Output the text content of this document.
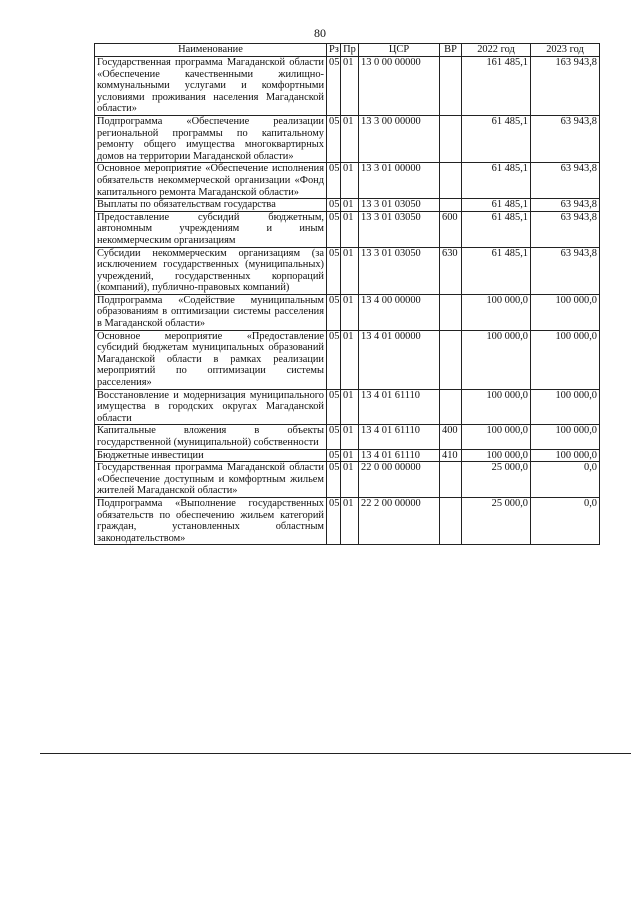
80
Наименование	Рз	Пр	ЦСР	ВР	2022 год	2023 год
Государственная программа Магаданской области «Обеспечение качественными жилищно-коммунальными услугами и комфортными условиями проживания населения Магаданской области»	05	01	13 0 00 00000		161 485,1	163 943,8
Подпрограмма «Обеспечение реализации региональной программы по капитальному ремонту общего имущества многоквартирных домов на территории Магаданской области»	05	01	13 3 00 00000		61 485,1	63 943,8
Основное мероприятие «Обеспечение исполнения обязательств некоммерческой организации «Фонд капитального ремонта Магаданской области»	05	01	13 3 01 00000		61 485,1	63 943,8
Выплаты по обязательствам государства	05	01	13 3 01 03050		61 485,1	63 943,8
Предоставление субсидий бюджетным, автономным учреждениям и иным некоммерческим организациям	05	01	13 3 01 03050	600	61 485,1	63 943,8
Субсидии некоммерческим организациям (за исключением государственных (муниципальных) учреждений, государственных корпораций (компаний), публично-правовых компаний)	05	01	13 3 01 03050	630	61 485,1	63 943,8
Подпрограмма «Содействие муниципальным образованиям в оптимизации системы расселения в Магаданской области»	05	01	13 4 00 00000		100 000,0	100 000,0
Основное мероприятие «Предоставление субсидий бюджетам муниципальных образований Магаданской области в рамках реализации мероприятий по оптимизации системы расселения»	05	01	13 4 01 00000		100 000,0	100 000,0
Восстановление и модернизация муниципального имущества в городских округах Магаданской области	05	01	13 4 01 61110		100 000,0	100 000,0
Капитальные вложения в объекты государственной (муниципальной) собственности	05	01	13 4 01 61110	400	100 000,0	100 000,0
Бюджетные инвестиции	05	01	13 4 01 61110	410	100 000,0	100 000,0
Государственная программа Магаданской области «Обеспечение доступным и комфортным жильем жителей Магаданской области»	05	01	22 0 00 00000		25 000,0	0,0
Подпрограмма «Выполнение государственных обязательств по обеспечению жильем категорий граждан, установленных областным законодательством»	05	01	22 2 00 00000		25 000,0	0,0
